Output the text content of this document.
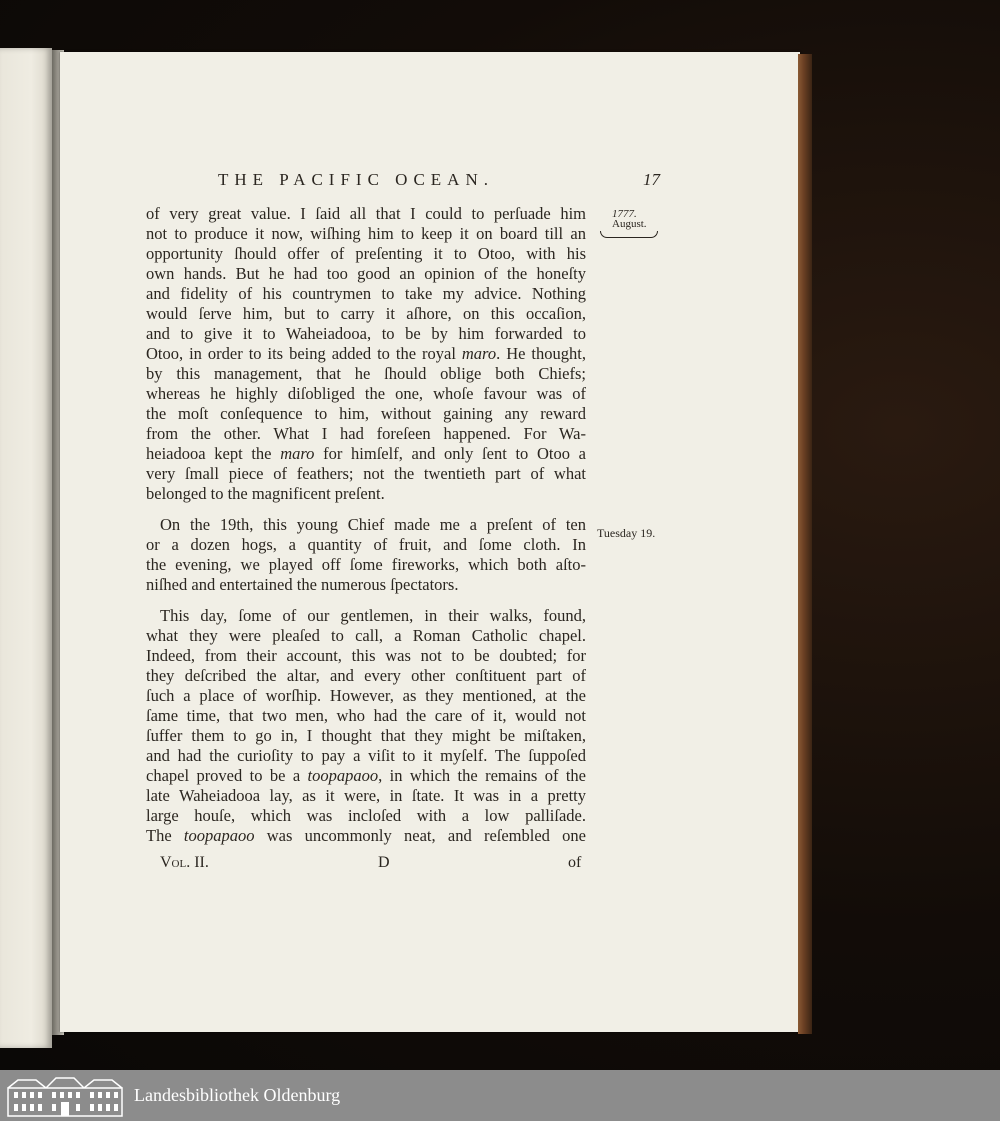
THE PACIFIC OCEAN.	17
1777.
August.
Tuesday 19.
of very great value. I ſaid all that I could to perſuade him
not to produce it now, wiſhing him to keep it on board till an
opportunity ſhould offer of preſenting it to Otoo, with his
own hands. But he had too good an opinion of the honeſty
and fidelity of his countrymen to take my advice. Nothing
would ſerve him, but to carry it aſhore, on this occaſion,
and to give it to Waheiadooa, to be by him forwarded to
Otoo, in order to its being added to the royal maro. He thought,
by this management, that he ſhould oblige both Chiefs;
whereas he highly diſobliged the one, whoſe favour was of
the moſt conſequence to him, without gaining any reward
from the other. What I had foreſeen happened. For Wa-
heiadooa kept the maro for himſelf, and only ſent to Otoo a
very ſmall piece of feathers; not the twentieth part of what
belonged to the magnificent preſent.
On the 19th, this young Chief made me a preſent of ten
or a dozen hogs, a quantity of fruit, and ſome cloth. In
the evening, we played off ſome fireworks, which both aſto-
niſhed and entertained the numerous ſpectators.
This day, ſome of our gentlemen, in their walks, found,
what they were pleaſed to call, a Roman Catholic chapel.
Indeed, from their account, this was not to be doubted; for
they deſcribed the altar, and every other conſtituent part of
ſuch a place of worſhip. However, as they mentioned, at the
ſame time, that two men, who had the care of it, would not
ſuffer them to go in, I thought that they might be miſtaken,
and had the curioſity to pay a viſit to it myſelf. The ſuppoſed
chapel proved to be a toopapaoo, in which the remains of the
late Waheiadooa lay, as it were, in ſtate. It was in a pretty
large houſe, which was incloſed with a low palliſade.
The toopapaoo was uncommonly neat, and reſembled one
Vol. II.	D	of
Landesbibliothek Oldenburg
